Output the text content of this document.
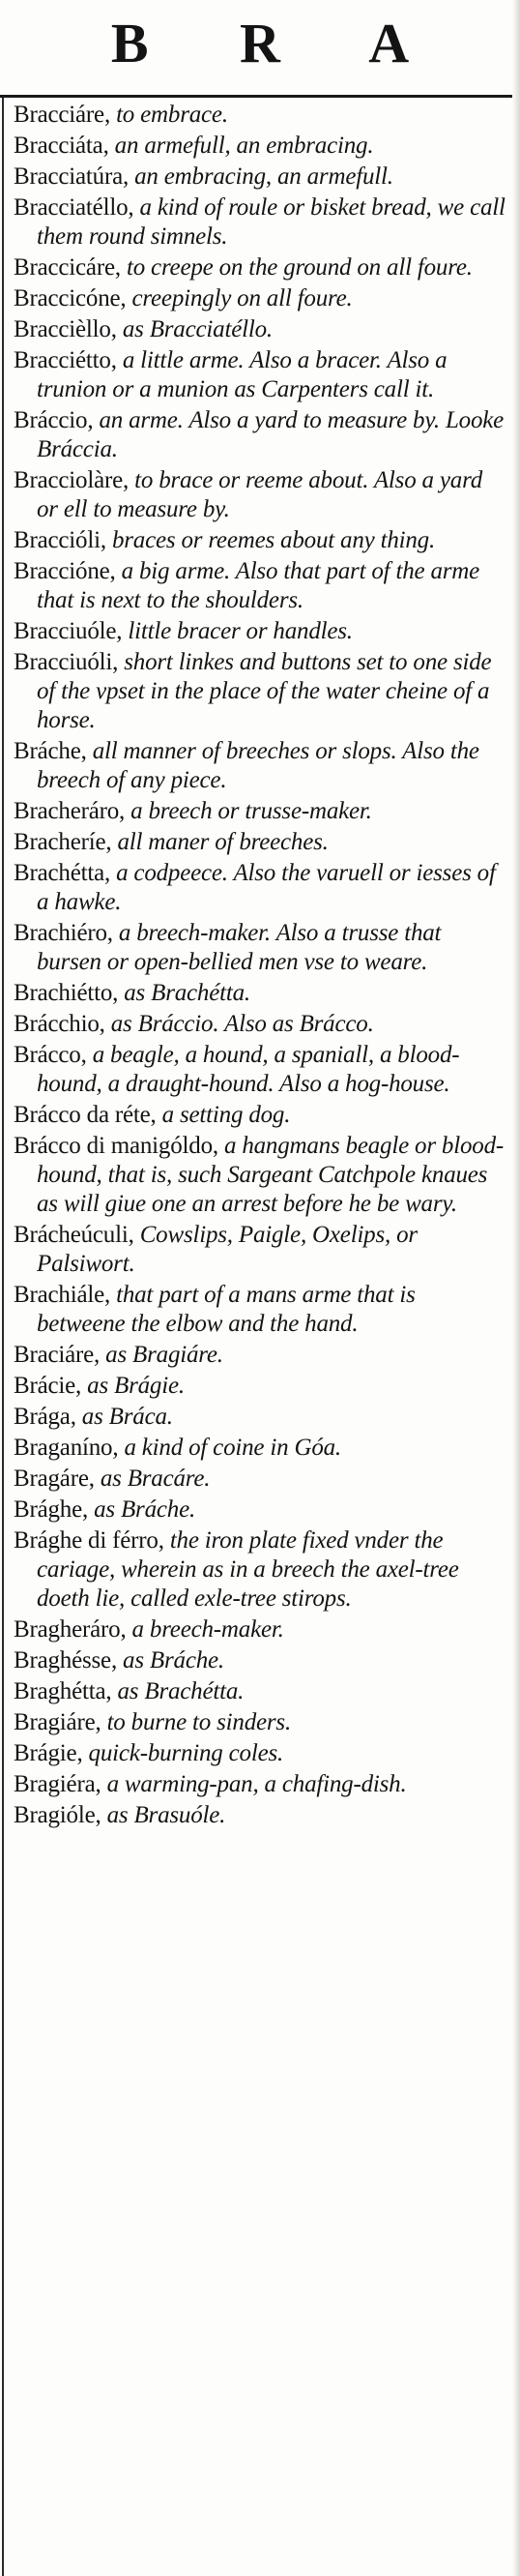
B R A
Bracciáre, to embrace.
Bracciáta, an armefull, an embracing.
Bracciatúra, an embracing, an armefull.
Bracciatéllo, a kind of roule or bisket bread, we call them round simnels.
Braccicáre, to creepe on the ground on all foure.
Braccicóne, creepingly on all foure.
Braccièllo, as Bracciatéllo.
Bracciétto, a little arme. Also a bracer. Also a trunion or a munion as Carpenters call it.
Bráccio, an arme. Also a yard to measure by. Looke Bráccia.
Bracciolàre, to brace or reeme about. Also a yard or ell to measure by.
Braccióli, braces or reemes about any thing.
Braccióne, a big arme. Also that part of the arme that is next to the shoulders.
Bracciuóle, little bracer or handles.
Bracciuóli, short linkes and buttons set to one side of the vpset in the place of the water cheine of a horse.
Bráche, all manner of breeches or slops. Also the breech of any piece.
Bracheráro, a breech or trusse-maker.
Bracheríe, all maner of breeches.
Brachétta, a codpeece. Also the varuell or iesses of a hawke.
Brachiéro, a breech-maker. Also a trusse that bursen or open-bellied men vse to weare.
Brachiétto, as Brachétta.
Brácchio, as Bráccio. Also as Brácco.
Brácco, a beagle, a hound, a spaniall, a blood-hound, a draught-hound. Also a hog-house.
Brácco da réte, a setting dog.
Brácco di manigóldo, a hangmans beagle or blood-hound, that is, such Sargeant Catchpole knaues as will giue one an arrest before he be wary.
Brácheúculi, Cowslips, Paigle, Oxelips, or Palsiwort.
Brachiále, that part of a mans arme that is betweene the elbow and the hand.
Braciáre, as Bragiáre.
Brácie, as Brágie.
Brága, as Bráca.
Braganíno, a kind of coine in Góa.
Bragáre, as Bracáre.
Brághe, as Bráche.
Brághe di férro, the iron plate fixed vnder the cariage, wherein as in a breech the axel-tree doeth lie, called exle-tree stirops.
Bragheráro, a breech-maker.
Braghésse, as Bráche.
Braghétta, as Brachétta.
Bragiáre, to burne to sinders.
Brágie, quick-burning coles.
Bragiéra, a warming-pan, a chafing-dish.
Bragióle, as Brasuóle.
